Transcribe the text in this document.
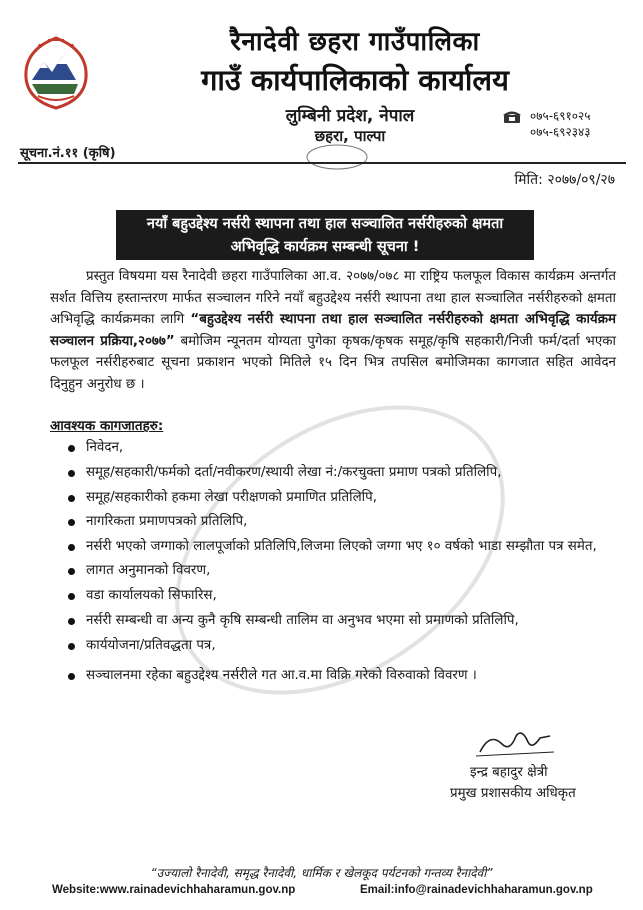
रैनादेवी छहरा गाउँपालिका
गाउँ कार्यपालिकाको कार्यालय
लुम्बिनी प्रदेश, नेपाल
छहरा, पाल्पा
०७५-६९१०२५
०७५-६९२३४३
सूचना.नं.११ (कृषि)
मिति: २०७७/०९/२७
नयाँ बहुउद्देश्य नर्सरी स्थापना तथा हाल सञ्चालित नर्सरीहरुको क्षमता
अभिवृद्धि कार्यक्रम सम्बन्धी सूचना !
प्रस्तुत विषयमा यस रैनादेवी छहरा गाउँपालिका आ.व. २०७७/०७८ मा राष्ट्रिय फलफूल विकास कार्यक्रम अन्तर्गत सर्शत वित्तिय हस्तान्तरण मार्फत सञ्चालन गरिने नयाँ बहुउद्देश्य नर्सरी स्थापना तथा हाल सञ्चालित नर्सरीहरुको क्षमता अभिवृद्धि कार्यक्रमका लागि “बहुउद्देश्य नर्सरी स्थापना तथा हाल सञ्चालित नर्सरीहरुको क्षमता अभिवृद्धि कार्यक्रम सञ्चालन प्रक्रिया,२०७७” बमोजिम न्यूनतम योग्यता पुगेका कृषक/कृषक समूह/कृषि सहकारी/निजी फर्म/दर्ता भएका फलफूल नर्सरीहरुबाट सूचना प्रकाशन भएको मितिले १५ दिन भित्र तपसिल बमोजिमका कागजात सहित आवेदन दिनुहुन अनुरोध छ ।
आवश्यक कागजातहरु:
निवेदन,
समूह/सहकारी/फर्मको दर्ता/नवीकरण/स्थायी लेखा नं:/करचुक्ता प्रमाण पत्रको प्रतिलिपि,
समूह/सहकारीको हकमा लेखा परीक्षणको प्रमाणित प्रतिलिपि,
नागरिकता प्रमाणपत्रको प्रतिलिपि,
नर्सरी भएको जग्गाको लालपूर्जाको प्रतिलिपि,लिजमा लिएको जग्गा भए १० वर्षको भाडा सम्झौता पत्र समेत,
लागत अनुमानको विवरण,
वडा कार्यालयको सिफारिस,
नर्सरी सम्बन्धी वा अन्य कुनै कृषि सम्बन्धी तालिम वा अनुभव भएमा सो प्रमाणको प्रतिलिपि,
कार्ययोजना/प्रतिवद्धता पत्र,
सञ्चालनमा रहेका बहुउद्देश्य नर्सरीले गत आ.व.मा विक्रि गरेको विरुवाको विवरण ।
इन्द्र बहादुर क्षेत्री
प्रमुख प्रशासकीय अधिकृत
“उज्यालो रैनादेवी, समृद्ध रैनादेवी, धार्मिक र खेलकूद पर्यटनको गन्तव्य रैनादेवी”
Website:www.rainadevichhaharamun.gov.np	Email:info@rainadevichhaharamun.gov.np
